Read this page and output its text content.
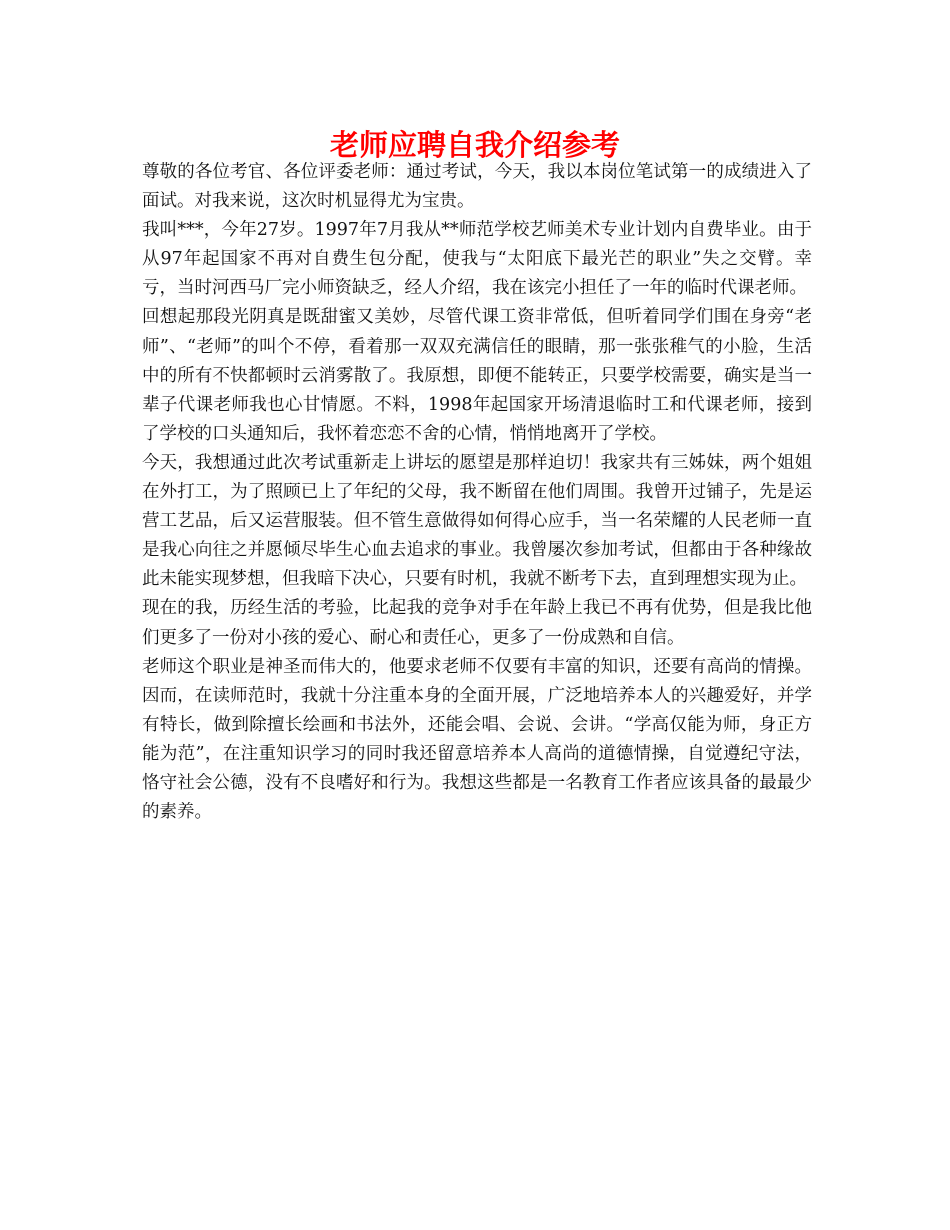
老师应聘自我介绍参考

尊敬的各位考官、各位评委老师：通过考试，今天，我以本岗位笔试第一的成绩进入了面试。对我来说，这次时机显得尤为宝贵。

我叫***，今年27岁。1997年7月我从**师范学校艺师美术专业计划内自费毕业。由于从97年起国家不再对自费生包分配，使我与“太阳底下最光芒的职业”失之交臂。幸亏，当时河西马厂完小师资缺乏，经人介绍，我在该完小担任了一年的临时代课老师。

回想起那段光阴真是既甜蜜又美妙，尽管代课工资非常低，但听着同学们围在身旁“老师”、“老师”的叫个不停，看着那一双双充满信任的眼睛，那一张张稚气的小脸，生活中的所有不快都顿时云消雾散了。我原想，即便不能转正，只要学校需要，确实是当一辈子代课老师我也心甘情愿。不料，1998年起国家开场清退临时工和代课老师，接到了学校的口头通知后，我怀着恋恋不舍的心情，悄悄地离开了学校。

今天，我想通过此次考试重新走上讲坛的愿望是那样迫切！我家共有三姊妹，两个姐姐在外打工，为了照顾已上了年纪的父母，我不断留在他们周围。我曾开过铺子，先是运营工艺品，后又运营服装。但不管生意做得如何得心应手，当一名荣耀的人民老师一直是我心向往之并愿倾尽毕生心血去追求的事业。我曾屡次参加考试，但都由于各种缘故此未能实现梦想，但我暗下决心，只要有时机，我就不断考下去，直到理想实现为止。

现在的我，历经生活的考验，比起我的竞争对手在年龄上我已不再有优势，但是我比他们更多了一份对小孩的爱心、耐心和责任心，更多了一份成熟和自信。

老师这个职业是神圣而伟大的，他要求老师不仅要有丰富的知识，还要有高尚的情操。因而，在读师范时，我就十分注重本身的全面开展，广泛地培养本人的兴趣爱好，并学有特长，做到除擅长绘画和书法外，还能会唱、会说、会讲。“学高仅能为师，身正方能为范”，在注重知识学习的同时我还留意培养本人高尚的道德情操，自觉遵纪守法，恪守社会公德，没有不良嗜好和行为。我想这些都是一名教育工作者应该具备的最最少的素养。
